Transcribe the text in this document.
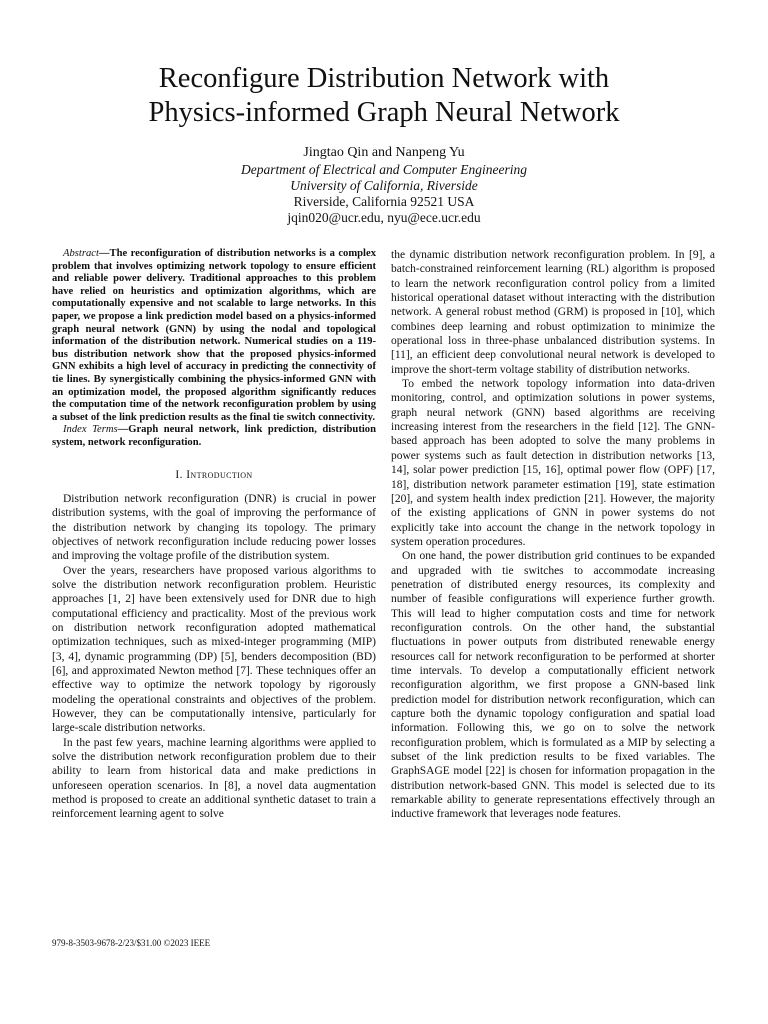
Reconfigure Distribution Network with
Physics-informed Graph Neural Network
Jingtao Qin and Nanpeng Yu
Department of Electrical and Computer Engineering
University of California, Riverside
Riverside, California 92521 USA
jqin020@ucr.edu, nyu@ece.ucr.edu

Abstract—The reconfiguration of distribution networks is a complex problem that involves optimizing network topology to ensure efficient and reliable power delivery. Traditional approaches to this problem have relied on heuristics and optimization algorithms, which are computationally expensive and not scalable to large networks. In this paper, we propose a link prediction model based on a physics-informed graph neural network (GNN) by using the nodal and topological information of the distribution network. Numerical studies on a 119-bus distribution network show that the proposed physics-informed GNN exhibits a high level of accuracy in predicting the connectivity of tie lines. By synergistically combining the physics-informed GNN with an optimization model, the proposed algorithm significantly reduces the computation time of the network reconfiguration problem by using a subset of the link prediction results as the final tie switch connectivity.

Index Terms—Graph neural network, link prediction, distribution system, network reconfiguration.

I. Introduction

Distribution network reconfiguration (DNR) is crucial in power distribution systems, with the goal of improving the performance of the distribution network by changing its topology. The primary objectives of network reconfiguration include reducing power losses and improving the voltage profile of the distribution system.

Over the years, researchers have proposed various algorithms to solve the distribution network reconfiguration problem. Heuristic approaches [1, 2] have been extensively used for DNR due to high computational efficiency and practicality. Most of the previous work on distribution network reconfiguration adopted mathematical optimization techniques, such as mixed-integer programming (MIP) [3, 4], dynamic programming (DP) [5], benders decomposition (BD) [6], and approximated Newton method [7]. These techniques offer an effective way to optimize the network topology by rigorously modeling the operational constraints and objectives of the problem. However, they can be computationally intensive, particularly for large-scale distribution networks.

In the past few years, machine learning algorithms were applied to solve the distribution network reconfiguration problem due to their ability to learn from historical data and make predictions in unforeseen operation scenarios. In [8], a novel data augmentation method is proposed to create an additional synthetic dataset to train a reinforcement learning agent to solve

the dynamic distribution network reconfiguration problem. In [9], a batch-constrained reinforcement learning (RL) algorithm is proposed to learn the network reconfiguration control policy from a limited historical operational dataset without interacting with the distribution network. A general robust method (GRM) is proposed in [10], which combines deep learning and robust optimization to minimize the operational loss in three-phase unbalanced distribution systems. In [11], an efficient deep convolutional neural network is developed to improve the short-term voltage stability of distribution networks.

To embed the network topology information into data-driven monitoring, control, and optimization solutions in power systems, graph neural network (GNN) based algorithms are receiving increasing interest from the researchers in the field [12]. The GNN-based approach has been adopted to solve the many problems in power systems such as fault detection in distribution networks [13, 14], solar power prediction [15, 16], optimal power flow (OPF) [17, 18], distribution network parameter estimation [19], state estimation [20], and system health index prediction [21]. However, the majority of the existing applications of GNN in power systems do not explicitly take into account the change in the network topology in system operation procedures.

On one hand, the power distribution grid continues to be expanded and upgraded with tie switches to accommodate increasing penetration of distributed energy resources, its complexity and number of feasible configurations will experience further growth. This will lead to higher computation costs and time for network reconfiguration controls. On the other hand, the substantial fluctuations in power outputs from distributed renewable energy resources call for network reconfiguration to be performed at shorter time intervals. To develop a computationally efficient network reconfiguration algorithm, we first propose a GNN-based link prediction model for distribution network reconfiguration, which can capture both the dynamic topology configuration and spatial load information. Following this, we go on to solve the network reconfiguration problem, which is formulated as a MIP by selecting a subset of the link prediction results to be fixed variables. The GraphSAGE model [22] is chosen for information propagation in the distribution network-based GNN. This model is selected due to its remarkable ability to generate representations effectively through an inductive framework that leverages node features.

979-8-3503-9678-2/23/$31.00 ©2023 IEEE
